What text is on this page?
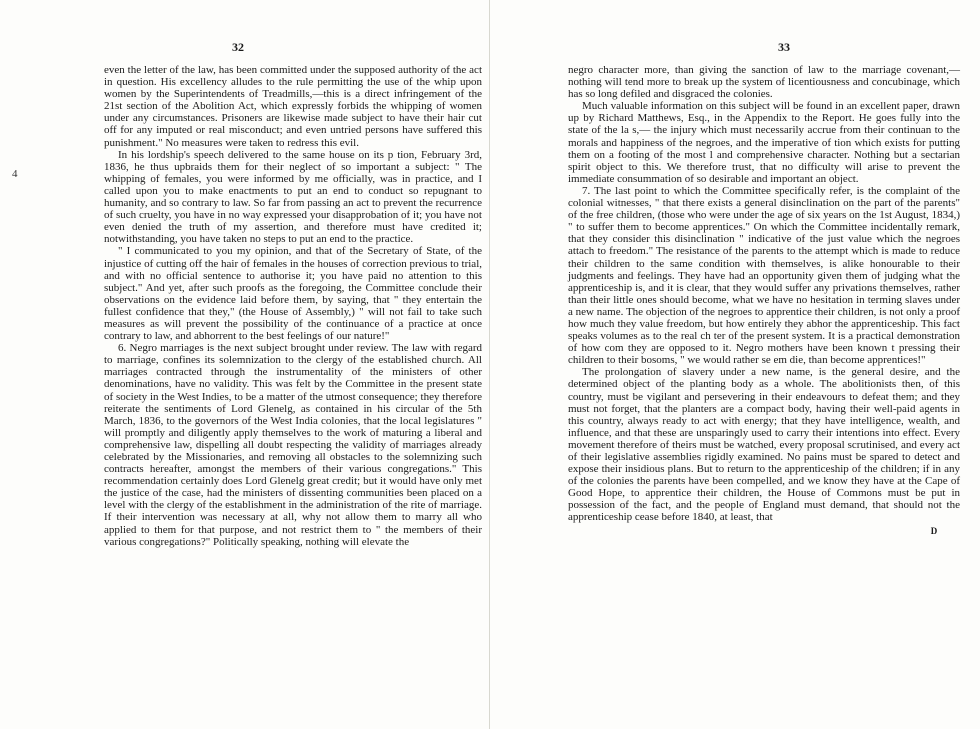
32

even the letter of the law, has been committed under the supposed authority of the act in question. His excellency alludes to the rule permitting the use of the whip upon women by the Superintendents of Treadmills,—this is a direct infringement of the 21st section of the Abolition Act, which expressly forbids the whipping of women under any circumstances. Prisoners are likewise made subject to have their hair cut off for any imputed or real misconduct; and even untried persons have suffered this punishment." No measures were taken to redress this evil.

In his lordship's speech delivered to the same house on its p tion, February 3rd, 1836, he thus upbraids them for their neglect of so important a subject: " The whipping of females, you were informed by me officially, was in practice, and I called upon you to make enactments to put an end to conduct so repugnant to humanity, and so contrary to law. So far from passing an act to prevent the recurrence of such cruelty, you have in no way expressed your disapprobation of it; you have not even denied the truth of my assertion, and therefore must have credited it; notwithstanding, you have taken no steps to put an end to the practice.

" I communicated to you my opinion, and that of the Secretary of State, of the injustice of cutting off the hair of females in the houses of correction previous to trial, and with no official sentence to authorise it; you have paid no attention to this subject." And yet, after such proofs as the foregoing, the Committee conclude their observations on the evidence laid before them, by saying, that " they entertain the fullest confidence that they," (the House of Assembly,) " will not fail to take such measures as will prevent the possibility of the continuance of a practice at once contrary to law, and abhorrent to the best feelings of our nature!"

6. Negro marriages is the next subject brought under review. The law with regard to marriage, confines its solemnization to the clergy of the established church. All marriages contracted through the instrumentality of the ministers of other denominations, have no validity. This was felt by the Committee in the present state of society in the West Indies, to be a matter of the utmost consequence; they therefore reiterate the sentiments of Lord Glenelg, as contained in his circular of the 5th March, 1836, to the governors of the West India colonies, that the local legislatures " will promptly and diligently apply themselves to the work of maturing a liberal and comprehensive law, dispelling all doubt respecting the validity of marriages already celebrated by the Missionaries, and removing all obstacles to the solemnizing such contracts hereafter, amongst the members of their various congregations." This recommendation certainly does Lord Glenelg great credit; but it would have only met the justice of the case, had the ministers of dissenting communities been placed on a level with the clergy of the establishment in the administration of the rite of marriage. If their intervention was necessary at all, why not allow them to marry all who applied to them for that purpose, and not restrict them to " the members of their various congregations?" Politically speaking, nothing will elevate the

4
33

negro character more, than giving the sanction of law to the marriage covenant,—nothing will tend more to break up the system of licentiousness and concubinage, which has so long defiled and disgraced the colonies.

Much valuable information on this subject will be found in an excellent paper, drawn up by Richard Matthews, Esq., in the Appendix to the Report. He goes fully into the state of the la s,— the injury which must necessarily accrue from their continuan to the morals and happiness of the negroes, and the imperative of tion which exists for putting them on a footing of the most l and comprehensive character. Nothing but a sectarian spirit object to this. We therefore trust, that no difficulty will arise to prevent the immediate consummation of so desirable and important an object.

7. The last point to which the Committee specifically refer, is the complaint of the colonial witnesses, " that there exists a general disinclination on the part of the parents" of the free children, (those who were under the age of six years on the 1st August, 1834,) " to suffer them to become apprentices." On which the Committee incidentally remark, that they consider this disinclination " indicative of the just value which the negroes attach to freedom." The resistance of the parents to the attempt which is made to reduce their children to the same condition with themselves, is alike honourable to their judgments and feelings. They have had an opportunity given them of judging what the apprenticeship is, and it is clear, that they would suffer any privations themselves, rather than their little ones should become, what we have no hesitation in terming slaves under a new name. The objection of the negroes to apprentice their children, is not only a proof how much they value freedom, but how entirely they abhor the apprenticeship. This fact speaks volumes as to the real ch ter of the present system. It is a practical demonstration of how com they are opposed to it. Negro mothers have been known t pressing their children to their bosoms, " we would rather se em die, than become apprentices!"

The prolongation of slavery under a new name, is the general desire, and the determined object of the planting body as a whole. The abolitionists then, of this country, must be vigilant and persevering in their endeavours to defeat them; and they must not forget, that the planters are a compact body, having their well-paid agents in this country, always ready to act with energy; that they have intelligence, wealth, and influence, and that these are unsparingly used to carry their intentions into effect. Every movement therefore of theirs must be watched, every proposal scrutinised, and every act of their legislative assemblies rigidly examined. No pains must be spared to detect and expose their insidious plans. But to return to the apprenticeship of the children; if in any of the colonies the parents have been compelled, and we know they have at the Cape of Good Hope, to apprentice their children, the House of Commons must be put in possession of the fact, and the people of England must demand, that should not the apprenticeship cease before 1840, at least, that

D
